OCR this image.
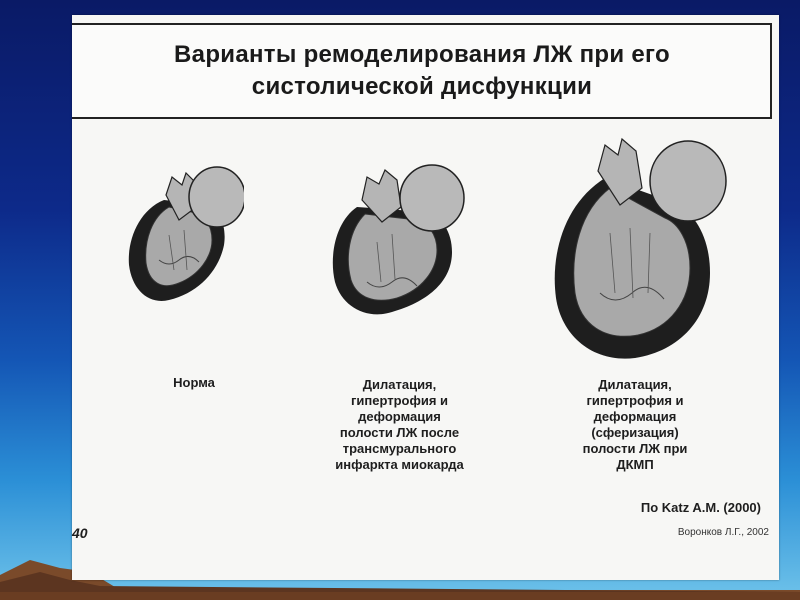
Варианты ремоделирования ЛЖ при его
систолической дисфункции
Норма	Дилатация,
гипертрофия и
деформация
полости ЛЖ после
трансмурального
инфаркта миокарда
Дилатация,
гипертрофия и
деформация
(сферизация)
полости ЛЖ при
ДКМП
По Katz A.M. (2000)
40	Воронков Л.Г., 2002
